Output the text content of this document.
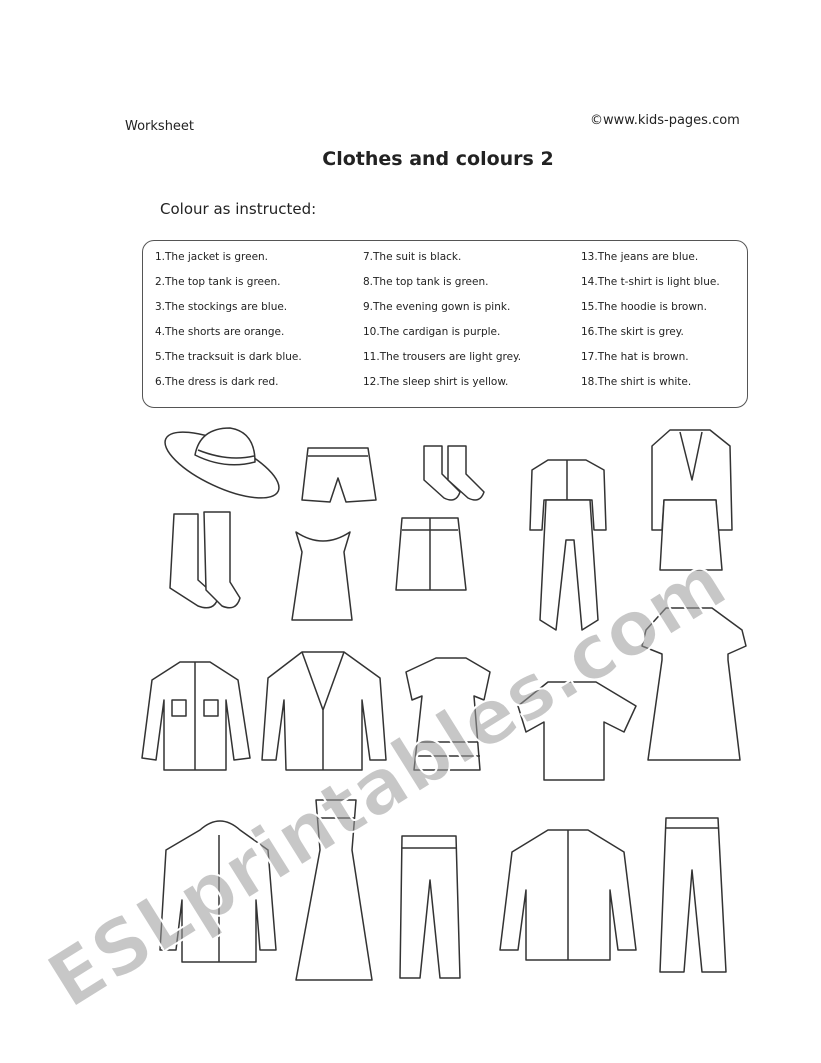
Worksheet	©www.kids-pages.com
Clothes and colours 2
Colour as instructed:
1.The jacket is green.
2.The top tank is green.
3.The stockings are blue.
4.The shorts are orange.
5.The tracksuit is dark blue.
6.The dress is dark red.
7.The suit is black.
8.The top tank is green.
9.The evening gown is pink.
10.The cardigan is purple.
11.The trousers are light grey.
12.The sleep shirt is yellow.
13.The jeans are blue.
14.The t-shirt is light blue.
15.The hoodie is brown.
16.The skirt is grey.
17.The hat is brown.
18.The shirt is white.
ESLprintables.com
